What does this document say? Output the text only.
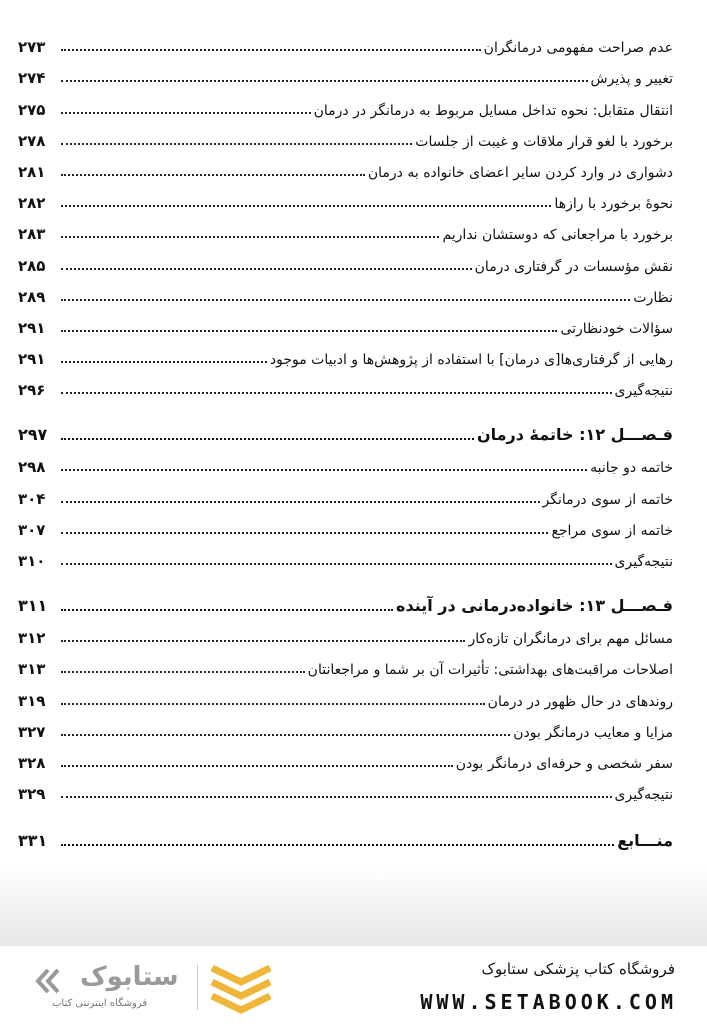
عدم صراحت مفهومی درمانگران
۲۷۳
تغییر و پذیرش
۲۷۴
انتقال متقابل: نحوه تداخل مسایل مربوط به درمانگر در درمان
۲۷۵
برخورد با لغو قرار ملاقات و غیبت از جلسات
۲۷۸
دشواری در وارد کردن سایر اعضای خانواده به درمان
۲۸۱
نحوهٔ برخورد با رازها
۲۸۲
برخورد با مراجعانی که دوستشان نداریم
۲۸۳
نقش مؤسسات در گرفتاری درمان
۲۸۵
نظارت
۲۸۹
سؤالات خودنظارتی
۲۹۱
رهایی از گرفتاری‌ها[ی درمان] با استفاده از پژوهش‌ها و ادبیات موجود
۲۹۱
نتیجه‌گیری
۲۹۶
فـصـــل ۱۲: خاتمهٔ درمان
۲۹۷
خاتمه دو جانبه
۲۹۸
خاتمه از سوی درمانگر
۳۰۴
خاتمه از سوی مراجع
۳۰۷
نتیجه‌گیری
۳۱۰
فـصـــل ۱۳: خانواده‌درمانی در آینده
۳۱۱
مسائل مهم برای درمانگران تازه‌کار
۳۱۲
اصلاحات مراقبت‌های بهداشتی: تأثیرات آن بر شما و مراجعانتان
۳۱۳
روندهای در حال ظهور در درمان
۳۱۹
مزایا و معایب درمانگر بودن
۳۲۷
سفر شخصی و حرفه‌ای درمانگر بودن
۳۲۸
نتیجه‌گیری
۳۲۹
منـــابع
۳۳۱
فروشگاه کتاب پزشکی ستابوک
WWW.SETABOOK.COM
ستابوک
فروشگاه اینترنتی کتاب
